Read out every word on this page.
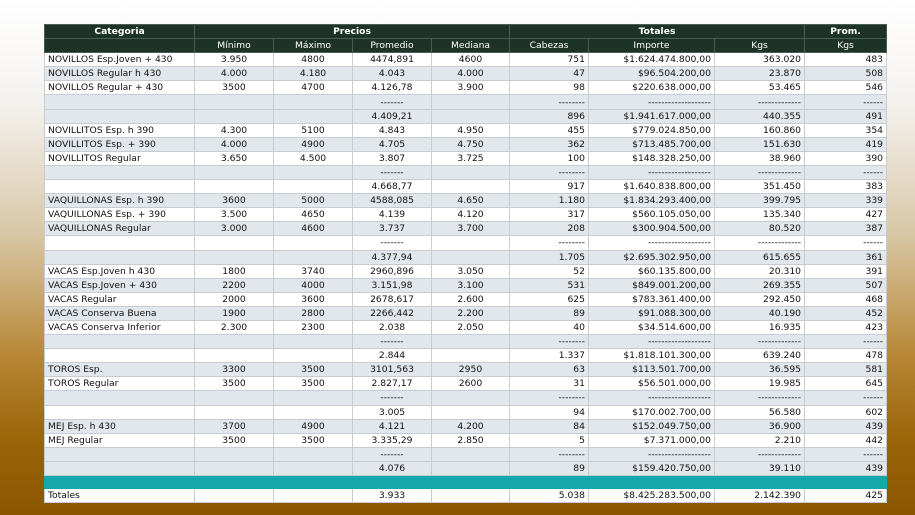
Categoria	Precios				Totales			Prom.
	Mínimo	Máximo	Promedio	Mediana	Cabezas	Importe	Kgs	Kgs
NOVILLOS Esp.Joven + 430	3.950	4800	4474,891	4600	751	$1.624.474.800,00	363.020	483
NOVILLOS Regular h 430	4.000	4.180	4.043	4.000	47	$96.504.200,00	23.870	508
NOVILLOS Regular + 430	3500	4700	4.126,78	3.900	98	$220.638.000,00	53.465	546
			-------		--------	-------------------	-------------	------
			4.409,21		896	$1.941.617.000,00	440.355	491
NOVILLITOS Esp. h 390	4.300	5100	4.843	4.950	455	$779.024.850,00	160.860	354
NOVILLITOS Esp. + 390	4.000	4900	4.705	4.750	362	$713.485.700,00	151.630	419
NOVILLITOS Regular	3.650	4.500	3.807	3.725	100	$148.328.250,00	38.960	390
			-------		--------	-------------------	-------------	------
			4.668,77		917	$1.640.838.800,00	351.450	383
VAQUILLONAS Esp. h 390	3600	5000	4588,085	4.650	1.180	$1.834.293.400,00	399.795	339
VAQUILLONAS Esp. + 390	3.500	4650	4.139	4.120	317	$560.105.050,00	135.340	427
VAQUILLONAS Regular	3.000	4600	3.737	3.700	208	$300.904.500,00	80.520	387
			-------		--------	-------------------	-------------	------
			4.377,94		1.705	$2.695.302.950,00	615.655	361
VACAS Esp.Joven h 430	1800	3740	2960,896	3.050	52	$60.135.800,00	20.310	391
VACAS Esp.Joven + 430	2200	4000	3.151,98	3.100	531	$849.001.200,00	269.355	507
VACAS Regular	2000	3600	2678,617	2.600	625	$783.361.400,00	292.450	468
VACAS Conserva Buena	1900	2800	2266,442	2.200	89	$91.088.300,00	40.190	452
VACAS Conserva Inferior	2.300	2300	2.038	2.050	40	$34.514.600,00	16.935	423
			-------		--------	-------------------	-------------	------
			2.844		1.337	$1.818.101.300,00	639.240	478
TOROS Esp.	3300	3500	3101,563	2950	63	$113.501.700,00	36.595	581
TOROS Regular	3500	3500	2.827,17	2600	31	$56.501.000,00	19.985	645
			-------		--------	-------------------	-------------	------
			3.005		94	$170.002.700,00	56.580	602
MEJ Esp. h 430	3700	4900	4.121	4.200	84	$152.049.750,00	36.900	439
MEJ Regular	3500	3500	3.335,29	2.850	5	$7.371.000,00	2.210	442
			-------		--------	-------------------	-------------	------
			4.076		89	$159.420.750,00	39.110	439

Totales			3.933		5.038	$8.425.283.500,00	2.142.390	425
